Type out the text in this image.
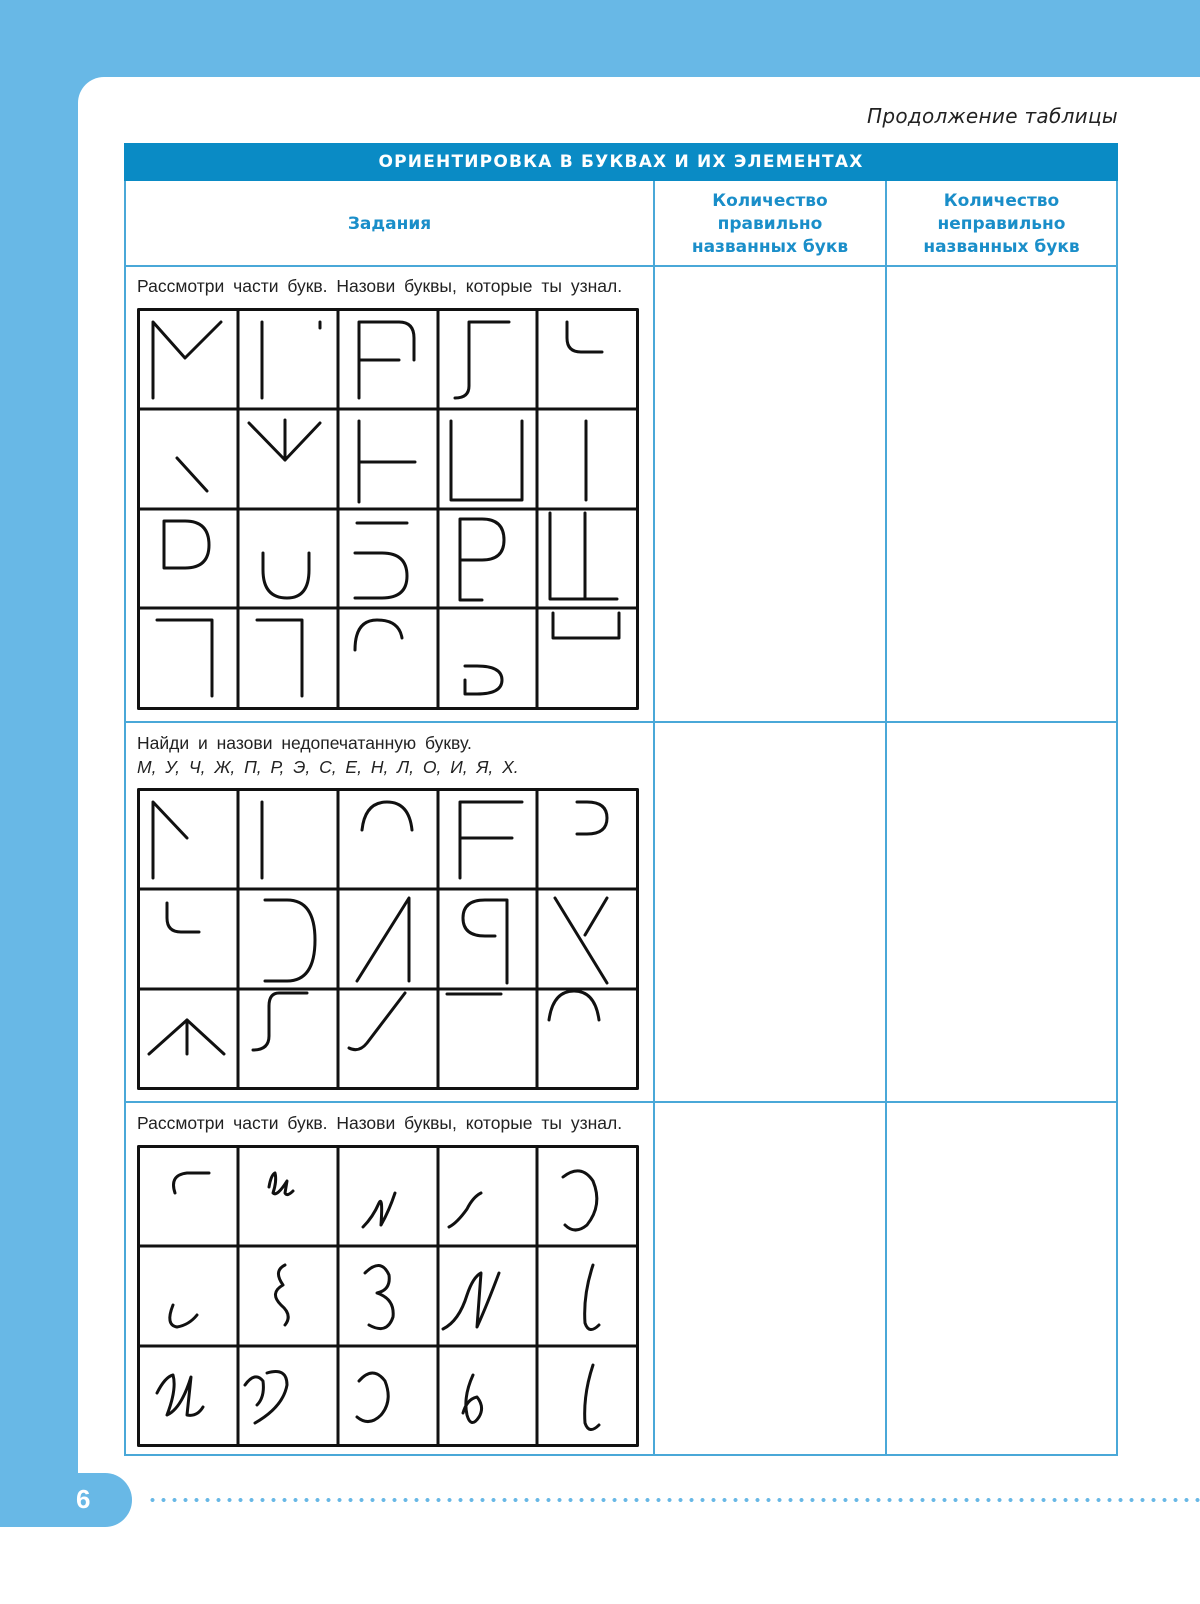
Продолжение таблицы
ОРИЕНТИРОВКА В БУКВАХ И ИХ ЭЛЕМЕНТАХ
Задания
Количество
правильно
названных букв
Количество
неправильно
названных букв
Рассмотри части букв. Назови буквы, которые ты узнал.
Найди и назови недопечатанную букву.
М, У, Ч, Ж, П, Р, Э, С, Е, Н, Л, О, И, Я, Х.
Рассмотри части букв. Назови буквы, которые ты узнал.
6
